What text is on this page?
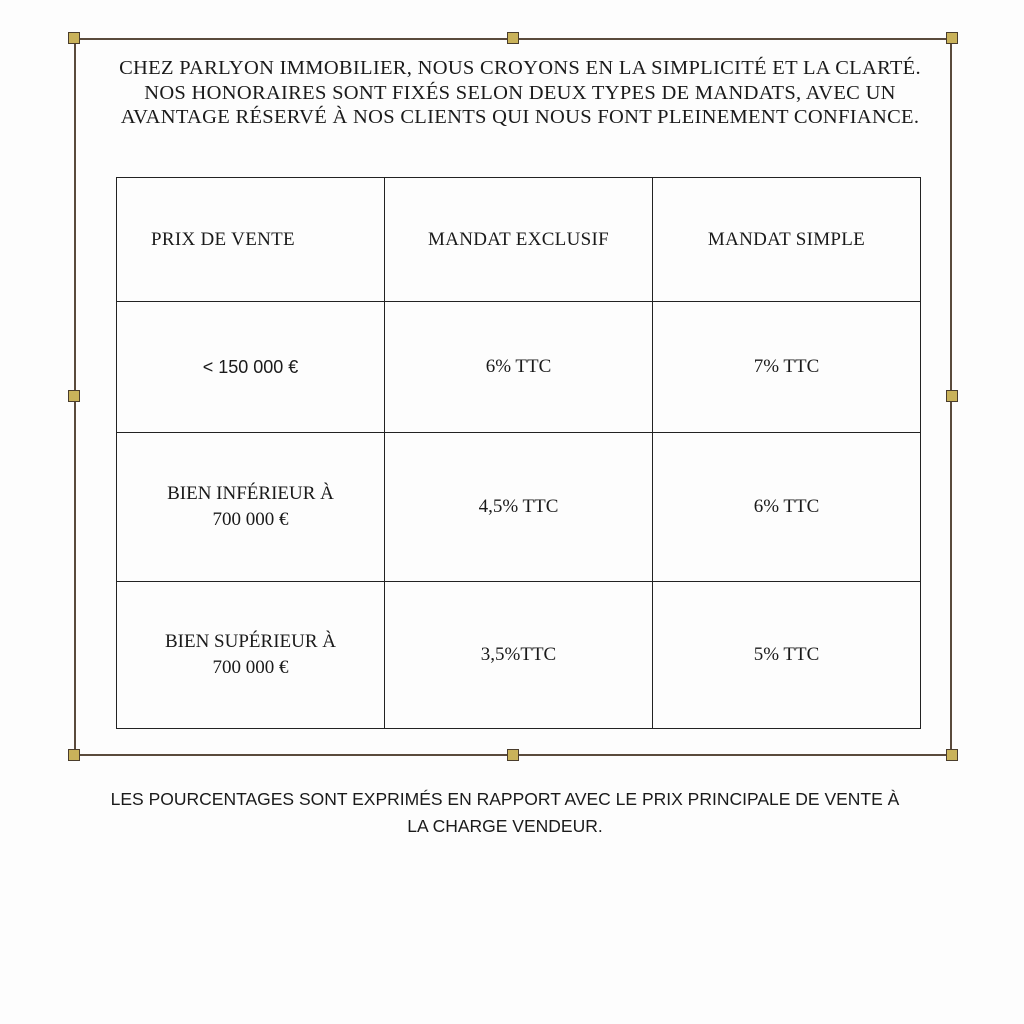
CHEZ PARLYON IMMOBILIER, NOUS CROYONS EN LA SIMPLICITÉ ET LA CLARTÉ. NOS HONORAIRES SONT FIXÉS SELON DEUX TYPES DE MANDATS, AVEC UN AVANTAGE RÉSERVÉ À NOS CLIENTS QUI NOUS FONT PLEINEMENT CONFIANCE.

PRIX DE VENTE	MANDAT EXCLUSIF	MANDAT SIMPLE
< 150 000 €	6% TTC	7% TTC
BIEN INFÉRIEUR À 700 000 €	4,5% TTC	6% TTC
BIEN SUPÉRIEUR À 700 000 €	3,5%TTC	5% TTC

LES POURCENTAGES SONT EXPRIMÉS EN RAPPORT AVEC LE PRIX PRINCIPALE DE VENTE À LA CHARGE VENDEUR.
